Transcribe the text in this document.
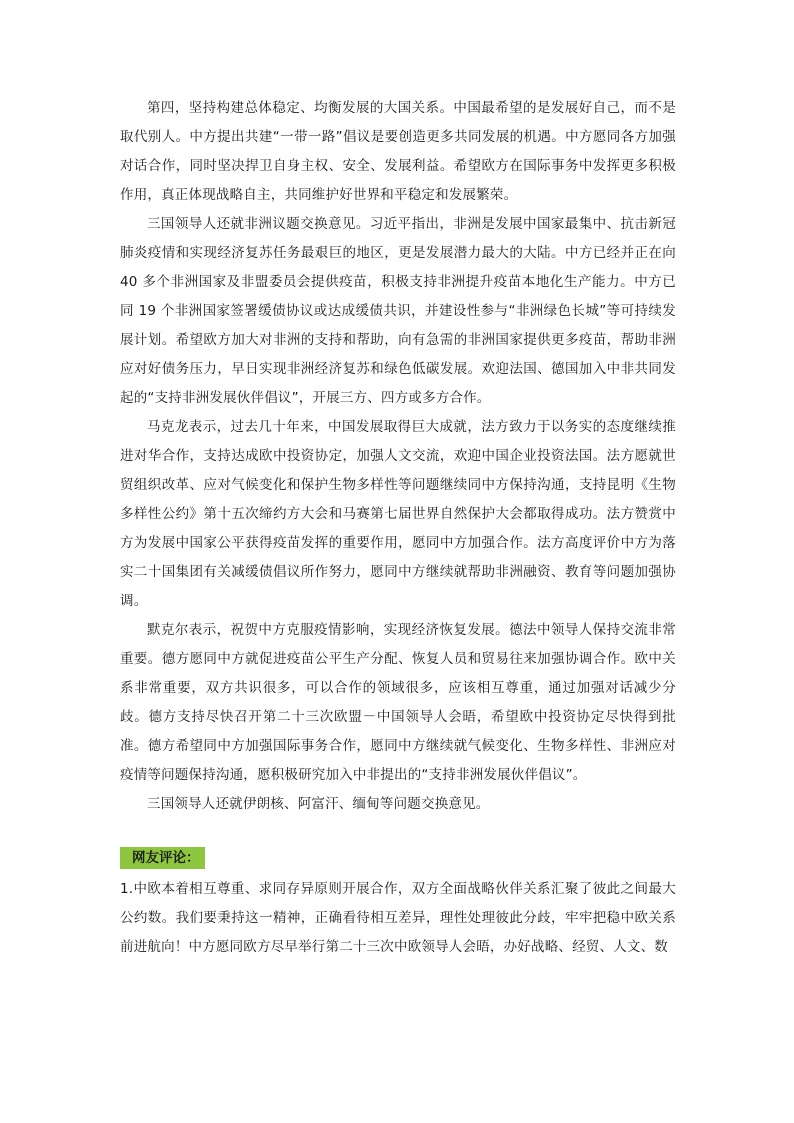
第四，坚持构建总体稳定、均衡发展的大国关系。中国最希望的是发展好自己，而不是取代别人。中方提出共建“一带一路”倡议是要创造更多共同发展的机遇。中方愿同各方加强对话合作，同时坚决捍卫自身主权、安全、发展利益。希望欧方在国际事务中发挥更多积极作用，真正体现战略自主，共同维护好世界和平稳定和发展繁荣。

三国领导人还就非洲议题交换意见。习近平指出，非洲是发展中国家最集中、抗击新冠肺炎疫情和实现经济复苏任务最艰巨的地区，更是发展潜力最大的大陆。中方已经并正在向 40 多个非洲国家及非盟委员会提供疫苗，积极支持非洲提升疫苗本地化生产能力。中方已同 19 个非洲国家签署缓债协议或达成缓债共识，并建设性参与“非洲绿色长城”等可持续发展计划。希望欧方加大对非洲的支持和帮助，向有急需的非洲国家提供更多疫苗，帮助非洲应对好债务压力，早日实现非洲经济复苏和绿色低碳发展。欢迎法国、德国加入中非共同发起的“支持非洲发展伙伴倡议”，开展三方、四方或多方合作。

马克龙表示，过去几十年来，中国发展取得巨大成就，法方致力于以务实的态度继续推进对华合作，支持达成欧中投资协定，加强人文交流，欢迎中国企业投资法国。法方愿就世贸组织改革、应对气候变化和保护生物多样性等问题继续同中方保持沟通，支持昆明《生物多样性公约》第十五次缔约方大会和马赛第七届世界自然保护大会都取得成功。法方赞赏中方为发展中国家公平获得疫苗发挥的重要作用，愿同中方加强合作。法方高度评价中方为落实二十国集团有关减缓债倡议所作努力，愿同中方继续就帮助非洲融资、教育等问题加强协调。

默克尔表示，祝贺中方克服疫情影响，实现经济恢复发展。德法中领导人保持交流非常重要。德方愿同中方就促进疫苗公平生产分配、恢复人员和贸易往来加强协调合作。欧中关系非常重要，双方共识很多，可以合作的领域很多，应该相互尊重，通过加强对话减少分歧。德方支持尽快召开第二十三次欧盟－中国领导人会晤，希望欧中投资协定尽快得到批准。德方希望同中方加强国际事务合作，愿同中方继续就气候变化、生物多样性、非洲应对疫情等问题保持沟通，愿积极研究加入中非提出的“支持非洲发展伙伴倡议”。

三国领导人还就伊朗核、阿富汗、缅甸等问题交换意见。

网友评论：

1.中欧本着相互尊重、求同存异原则开展合作，双方全面战略伙伴关系汇聚了彼此之间最大公约数。我们要秉持这一精神，正确看待相互差异，理性处理彼此分歧，牢牢把稳中欧关系前进航向！中方愿同欧方尽早举行第二十三次中欧领导人会晤，办好战略、经贸、人文、数
